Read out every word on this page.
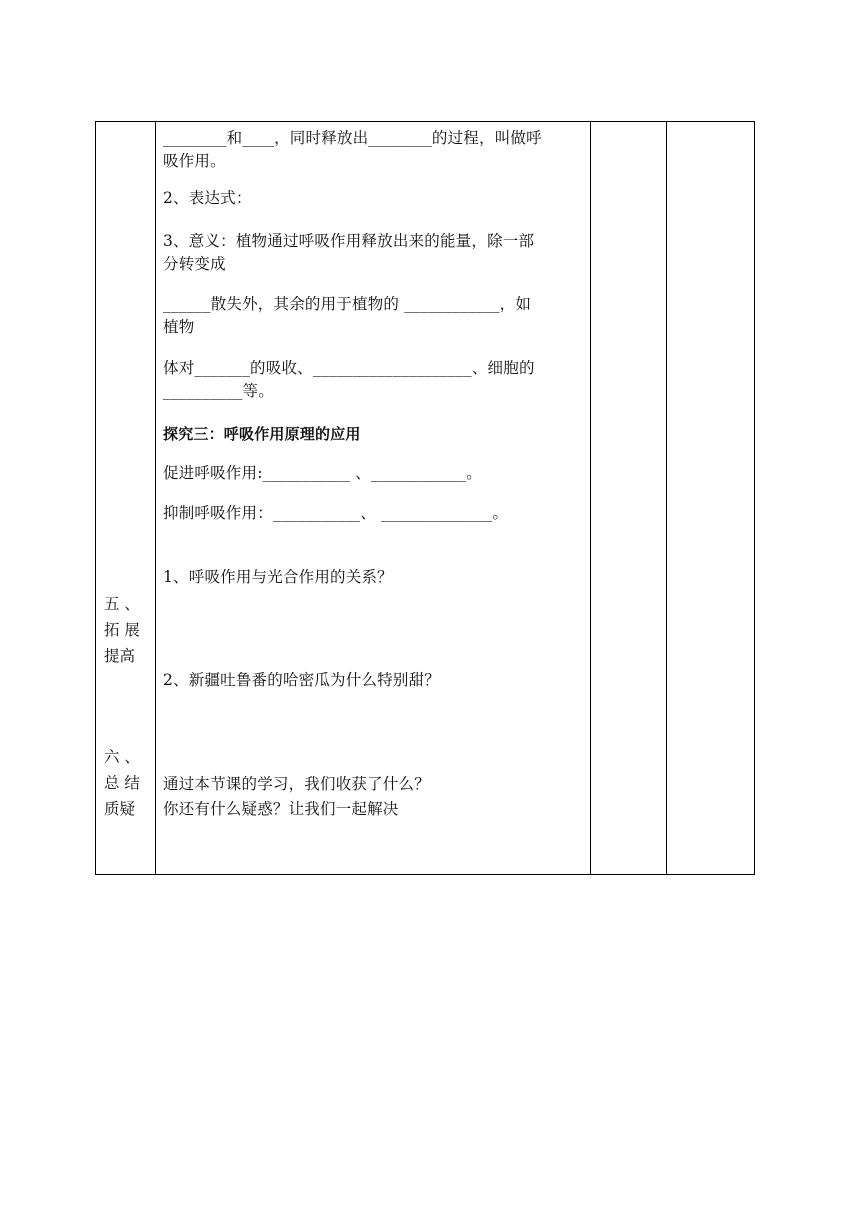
________和____，同时释放出________的过程，叫做呼
吸作用。
2、表达式：
3、意义：植物通过呼吸作用释放出来的能量，除一部
分转变成
______散失外，其余的用于植物的 ____________，如
植物
体对_______的吸收、____________________、细胞的
__________等。
探究三：呼吸作用原理的应用
促进呼吸作用:___________ 、____________。
抑制呼吸作用：___________、 ______________。
1、呼吸作用与光合作用的关系？
2、新疆吐鲁番的哈密瓜为什么特别甜？
通过本节课的学习，我们收获了什么？
你还有什么疑惑？让我们一起解决
五 、
拓 展
提高
六 、
总 结
质疑
